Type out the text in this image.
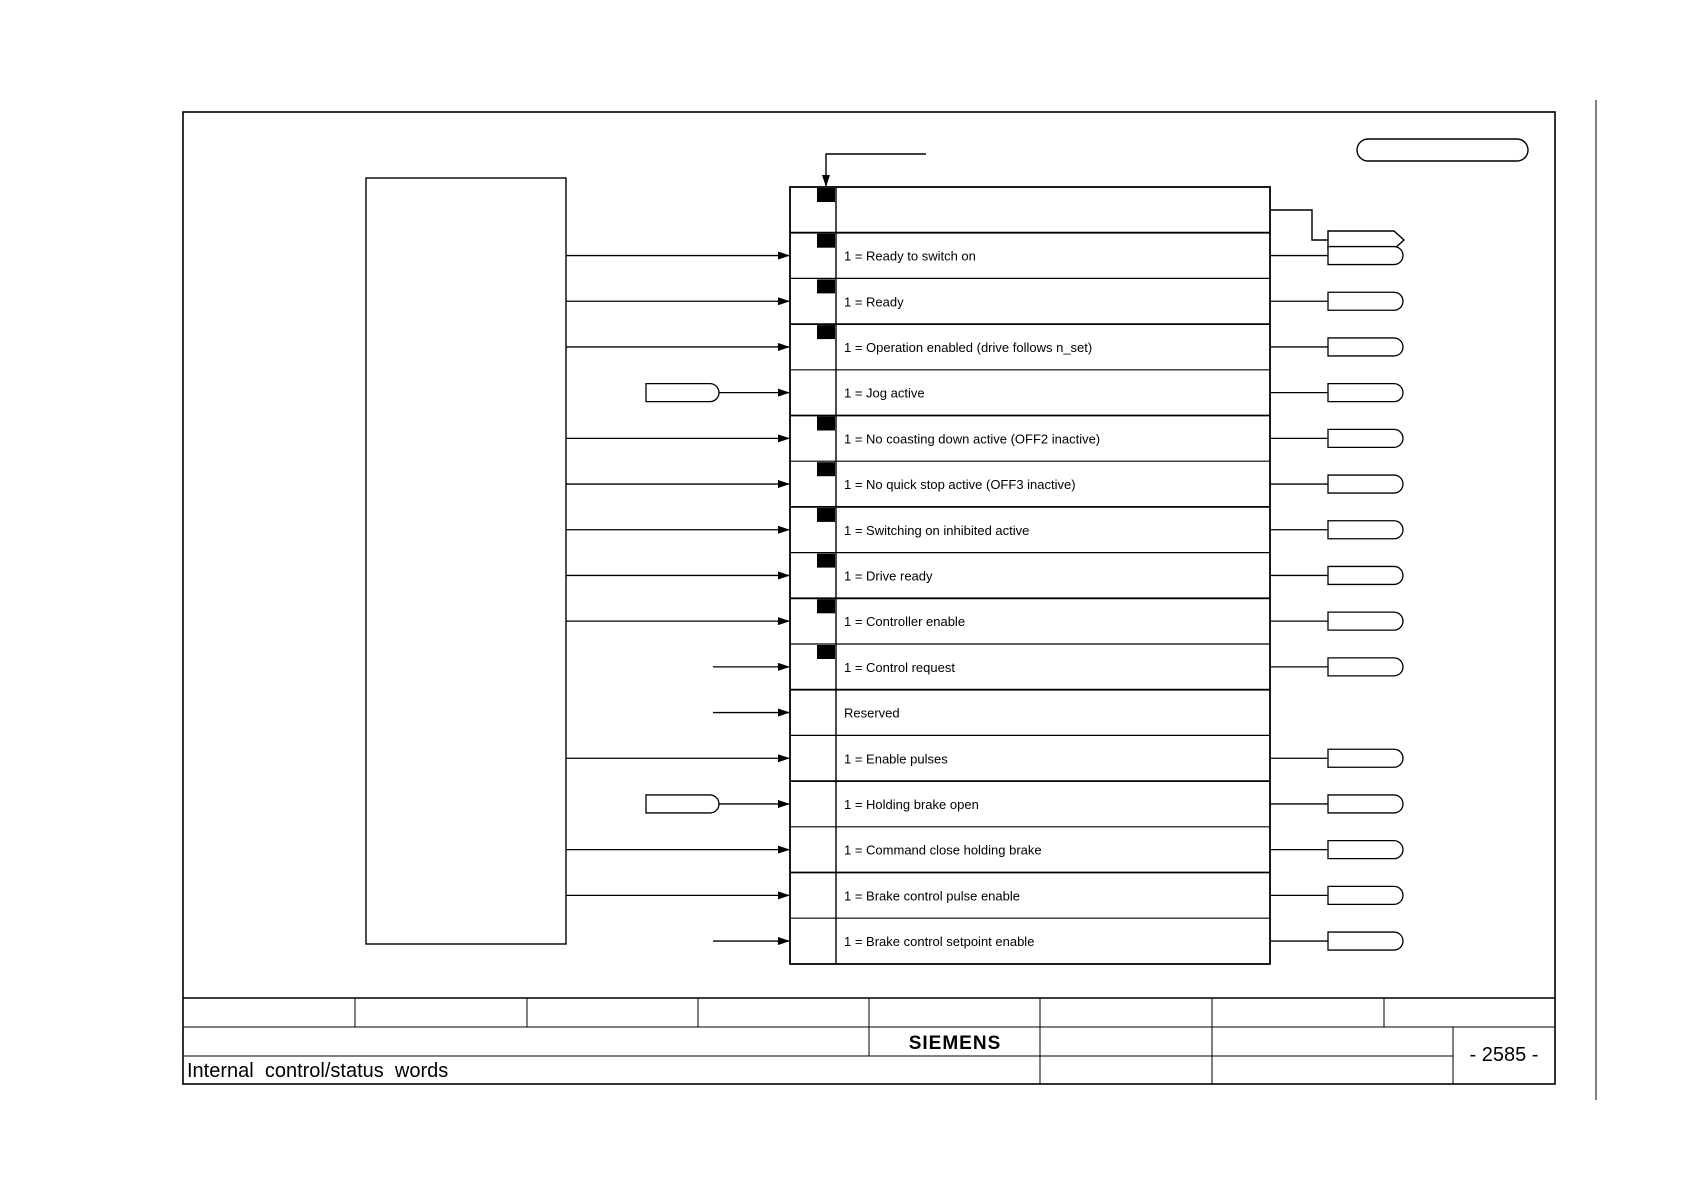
1 = Ready to switch on
1 = Ready
1 = Operation enabled (drive follows n_set)
1 = Jog active
1 = No coasting down active (OFF2 inactive)
1 = No quick stop active (OFF3 inactive)
1 = Switching on inhibited active
1 = Drive ready
1 = Controller enable
1 = Control request
Reserved
1 = Enable pulses
1 = Holding brake open
1 = Command close holding brake
1 = Brake control pulse enable
1 = Brake control setpoint enable
SIEMENS
Internal  control/status  words
- 2585 -
